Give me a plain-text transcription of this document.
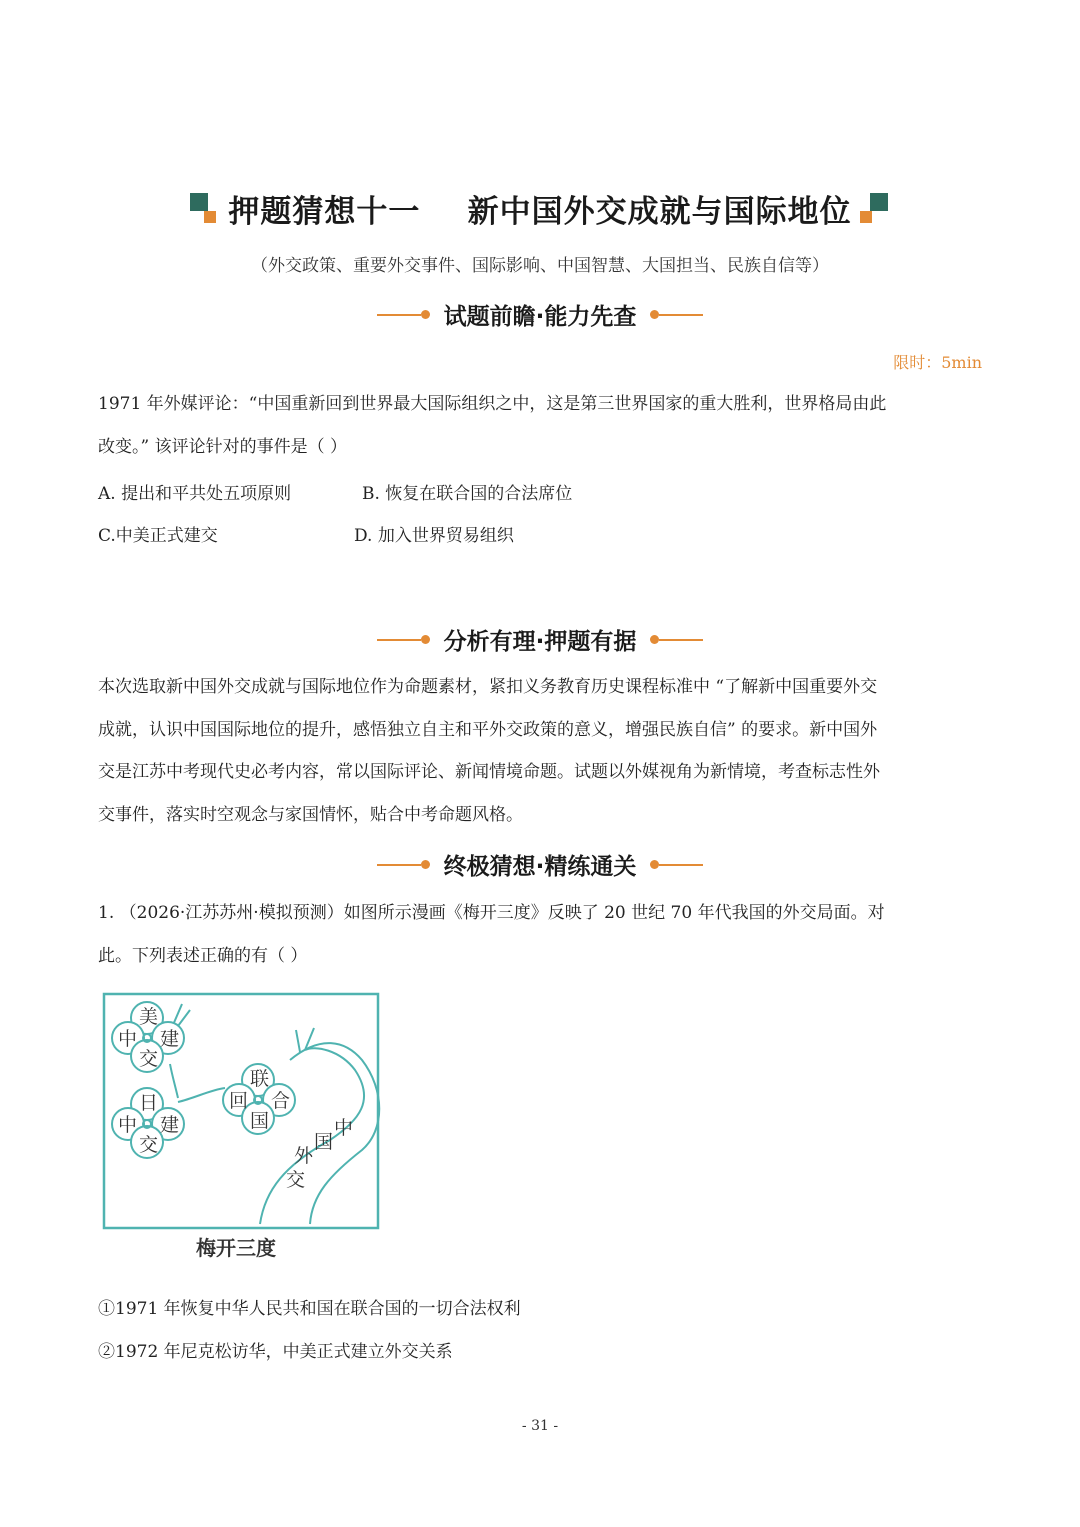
押题猜想十一    新中国外交成就与国际地位
（外交政策、重要外交事件、国际影响、中国智慧、大国担当、民族自信等）
试题前瞻·能力先查
限时：5min
1971 年外媒评论：“中国重新回到世界最大国际组织之中，这是第三世界国家的重大胜利，世界格局由此
改变。” 该评论针对的事件是（ ）
A. 提出和平共处五项原则	B. 恢复在联合国的合法席位
C.中美正式建交	D. 加入世界贸易组织
分析有理·押题有据
本次选取新中国外交成就与国际地位作为命题素材，紧扣义务教育历史课程标准中 “了解新中国重要外交
成就，认识中国国际地位的提升，感悟独立自主和平外交政策的意义，增强民族自信” 的要求。新中国外
交是江苏中考现代史必考内容，常以国际评论、新闻情境命题。试题以外媒视角为新情境，考查标志性外
交事件，落实时空观念与家国情怀，贴合中考命题风格。
终极猜想·精练通关
1. （2026·江苏苏州·模拟预测）如图所示漫画《梅开三度》反映了 20 世纪 70 年代我国的外交局面。对
此。下列表述正确的有（ ）
美
中 建
交
日
中 建
交
联
回 合
国	中
国
外
交
梅开三度
①1971 年恢复中华人民共和国在联合国的一切合法权利
②1972 年尼克松访华，中美正式建立外交关系
- 31 -
